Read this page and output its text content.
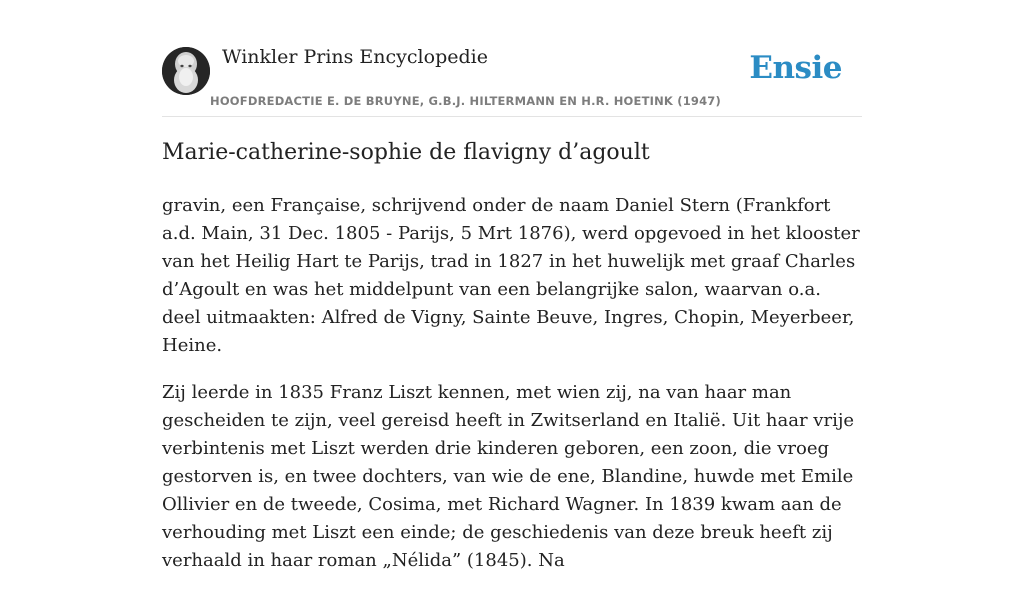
Winkler Prins Encyclopedie
HOOFDREDACTIE E. DE BRUYNE, G.B.J. HILTERMANN EN H.R. HOETINK (1947)
Ensie
Marie-catherine-sophie de flavigny d’agoult

gravin, een Française, schrijvend onder de naam Daniel Stern (Frankfort a.d. Main, 31 Dec. 1805 - Parijs, 5 Mrt 1876), werd opgevoed in het klooster van het Heilig Hart te Parijs, trad in 1827 in het huwelijk met graaf Charles d’Agoult en was het middelpunt van een belangrijke salon, waarvan o.a. deel uitmaakten: Alfred de Vigny, Sainte Beuve, Ingres, Chopin, Meyerbeer, Heine.

Zij leerde in 1835 Franz Liszt kennen, met wien zij, na van haar man gescheiden te zijn, veel gereisd heeft in Zwitserland en Italië. Uit haar vrije verbintenis met Liszt werden drie kinderen geboren, een zoon, die vroeg gestorven is, en twee dochters, van wie de ene, Blandine, huwde met Emile Ollivier en de tweede, Cosima, met Richard Wagner. In 1839 kwam aan de verhouding met Liszt een einde; de geschiedenis van deze breuk heeft zij verhaald in haar roman „Nélida” (1845). Na
